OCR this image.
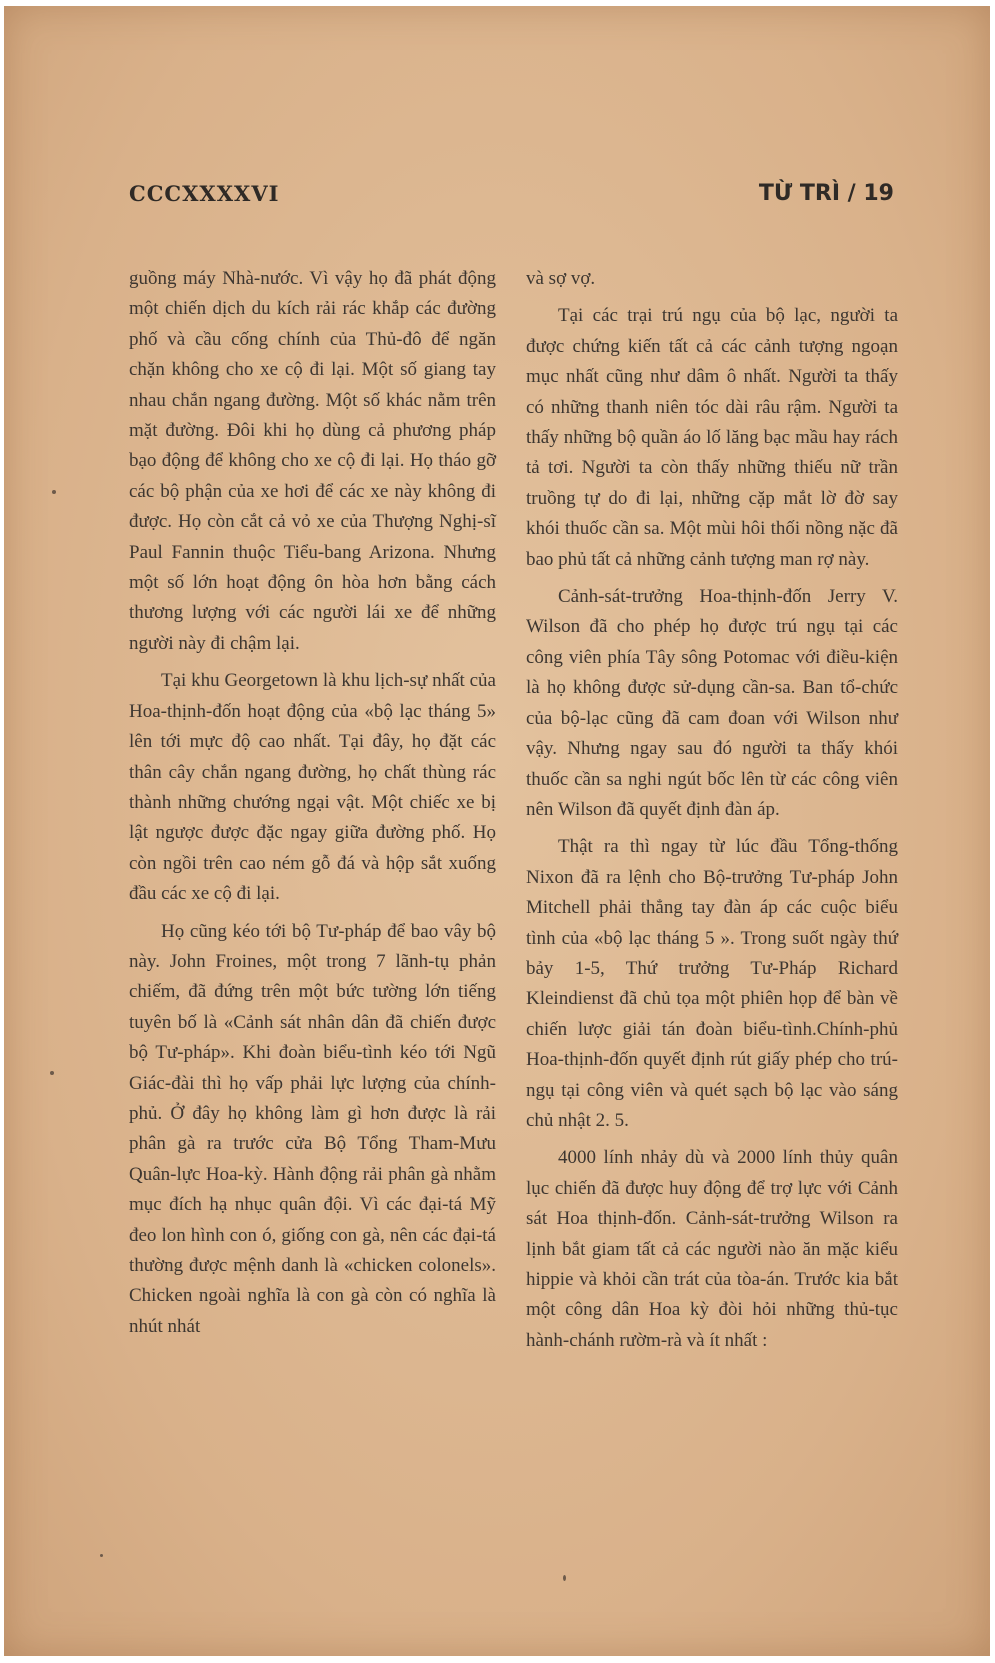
CCCXXXXVI	TỪ TRÌ / 19

guồng máy Nhà-nước. Vì vậy họ đã phát động một chiến dịch du kích rải rác khắp các đường phố và cầu cống chính của Thủ-đô để ngăn chặn không cho xe cộ đi lại. Một số giang tay nhau chắn ngang đường. Một số khác nằm trên mặt đường. Đôi khi họ dùng cả phương pháp bạo động để không cho xe cộ đi lại. Họ tháo gỡ các bộ phận của xe hơi để các xe này không đi được. Họ còn cắt cả vỏ xe của Thượng Nghị-sĩ Paul Fannin thuộc Tiểu-bang Arizona. Nhưng một số lớn hoạt động ôn hòa hơn bằng cách thương lượng với các người lái xe để những người này đi chậm lại.

Tại khu Georgetown là khu lịch-sự nhất của Hoa-thịnh-đốn hoạt động của «bộ lạc tháng 5» lên tới mực độ cao nhất. Tại đây, họ đặt các thân cây chắn ngang đường, họ chất thùng rác thành những chướng ngại vật. Một chiếc xe bị lật ngược được đặc ngay giữa đường phố. Họ còn ngồi trên cao ném gỗ đá và hộp sắt xuống đầu các xe cộ đi lại.

Họ cũng kéo tới bộ Tư-pháp để bao vây bộ này. John Froines, một trong 7 lãnh-tụ phản chiếm, đã đứng trên một bức tường lớn tiếng tuyên bố là «Cảnh sát nhân dân đã chiến được bộ Tư-pháp». Khi đoàn biểu-tình kéo tới Ngũ Giác-đài thì họ vấp phải lực lượng của chính-phủ. Ở đây họ không làm gì hơn được là rải phân gà ra trước cửa Bộ Tổng Tham-Mưu Quân-lực Hoa-kỳ. Hành động rải phân gà nhằm mục đích hạ nhục quân đội. Vì các đại-tá Mỹ đeo lon hình con ó, giống con gà, nên các đại-tá thường được mệnh danh là «chicken colonels». Chicken ngoài nghĩa là con gà còn có nghĩa là nhút nhát

và sợ vợ.

Tại các trại trú ngụ của bộ lạc, người ta được chứng kiến tất cả các cảnh tượng ngoạn mục nhất cũng như dâm ô nhất. Người ta thấy có những thanh niên tóc dài râu rậm. Người ta thấy những bộ quần áo lố lăng bạc mầu hay rách tả tơi. Người ta còn thấy những thiếu nữ trần truồng tự do đi lại, những cặp mắt lờ đờ say khói thuốc cần sa. Một mùi hôi thối nồng nặc đã bao phủ tất cả những cảnh tượng man rợ này.

Cảnh-sát-trưởng Hoa-thịnh-đốn Jerry V. Wilson đã cho phép họ được trú ngụ tại các công viên phía Tây sông Potomac với điều-kiện là họ không được sử-dụng cần-sa. Ban tổ-chức của bộ-lạc cũng đã cam đoan với Wilson như vậy. Nhưng ngay sau đó người ta thấy khói thuốc cần sa nghi ngút bốc lên từ các công viên nên Wilson đã quyết định đàn áp.

Thật ra thì ngay từ lúc đầu Tổng-thống Nixon đã ra lệnh cho Bộ-trưởng Tư-pháp John Mitchell phải thẳng tay đàn áp các cuộc biểu tình của «bộ lạc tháng 5 ». Trong suốt ngày thứ bảy 1-5, Thứ trưởng Tư-Pháp Richard Kleindienst đã chủ tọa một phiên họp để bàn về chiến lược giải tán đoàn biểu-tình.Chính-phủ Hoa-thịnh-đốn quyết định rút giấy phép cho trú-ngụ tại công viên và quét sạch bộ lạc vào sáng chủ nhật 2. 5.

4000 lính nhảy dù và 2000 lính thủy quân lục chiến đã được huy động để trợ lực với Cảnh sát Hoa thịnh-đốn. Cảnh-sát-trưởng Wilson ra lịnh bắt giam tất cả các người nào ăn mặc kiểu hippie và khỏi cần trát của tòa-án. Trước kia bắt một công dân Hoa kỳ đòi hỏi những thủ-tục hành-chánh rườm-rà và ít nhất :
